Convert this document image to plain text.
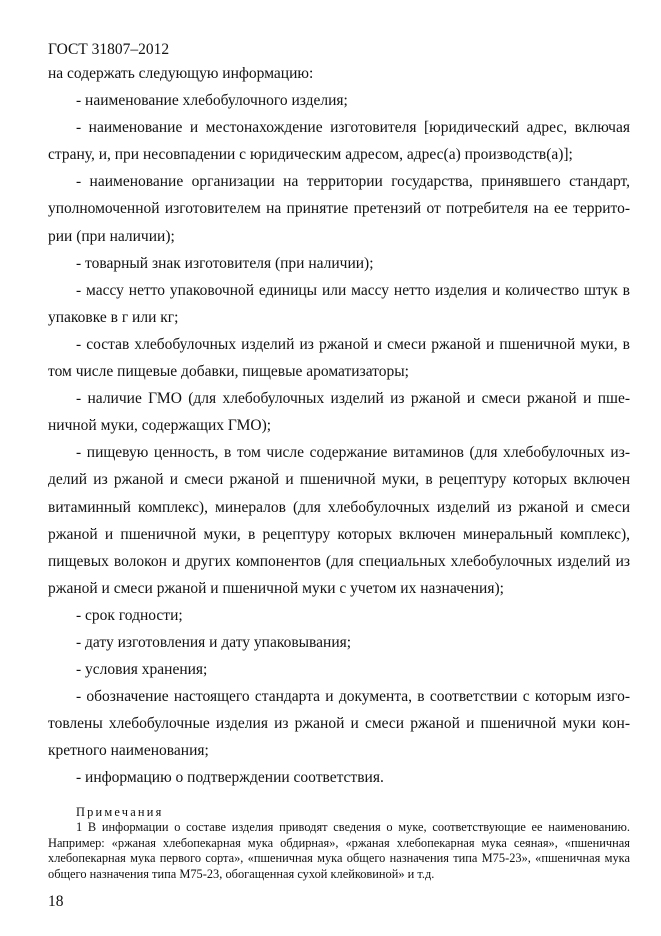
ГОСТ 31807–2012

на содержать следующую информацию:

- наименование хлебобулочного изделия;

- наименование и местонахождение изготовителя [юридический адрес, включая страну, и, при несовпадении с юридическим адресом, адрес(а) производств(а)];

- наименование организации на территории государства, принявшего стандарт, уполномоченной изготовителем на принятие претензий от потребителя на ее территории (при наличии);

- товарный знак изготовителя (при наличии);

- массу нетто упаковочной единицы или массу нетто изделия и количество штук в упаковке в г или кг;

- состав хлебобулочных изделий из ржаной и смеси ржаной и пшеничной муки, в том числе пищевые добавки, пищевые ароматизаторы;

- наличие ГМО (для хлебобулочных изделий из ржаной и смеси ржаной и пшеничной муки, содержащих ГМО);

- пищевую ценность, в том числе содержание витаминов (для хлебобулочных изделий из ржаной и смеси ржаной и пшеничной муки, в рецептуру которых включен витаминный комплекс), минералов (для хлебобулочных изделий из ржаной и смеси ржаной и пшеничной муки, в рецептуру которых включен минеральный комплекс), пищевых волокон и других компонентов (для специальных хлебобулочных изделий из ржаной и смеси ржаной и пшеничной муки с учетом их назначения);

- срок годности;

- дату изготовления и дату упаковывания;

- условия хранения;

- обозначение настоящего стандарта и документа, в соответствии с которым изготовлены хлебобулочные изделия из ржаной и смеси ржаной и пшеничной муки конкретного наименования;

- информацию о подтверждении соответствия.

Примечания

1 В информации о составе изделия приводят сведения о муке, соответствующие ее наименованию. Например: «ржаная хлебопекарная мука обдирная», «ржаная хлебопекарная мука сеяная», «пшеничная хлебопекарная мука первого сорта», «пшеничная мука общего назначения типа М75-23», «пшеничная мука общего назначения типа М75-23, обогащенная сухой клейковиной» и т.д.

18
